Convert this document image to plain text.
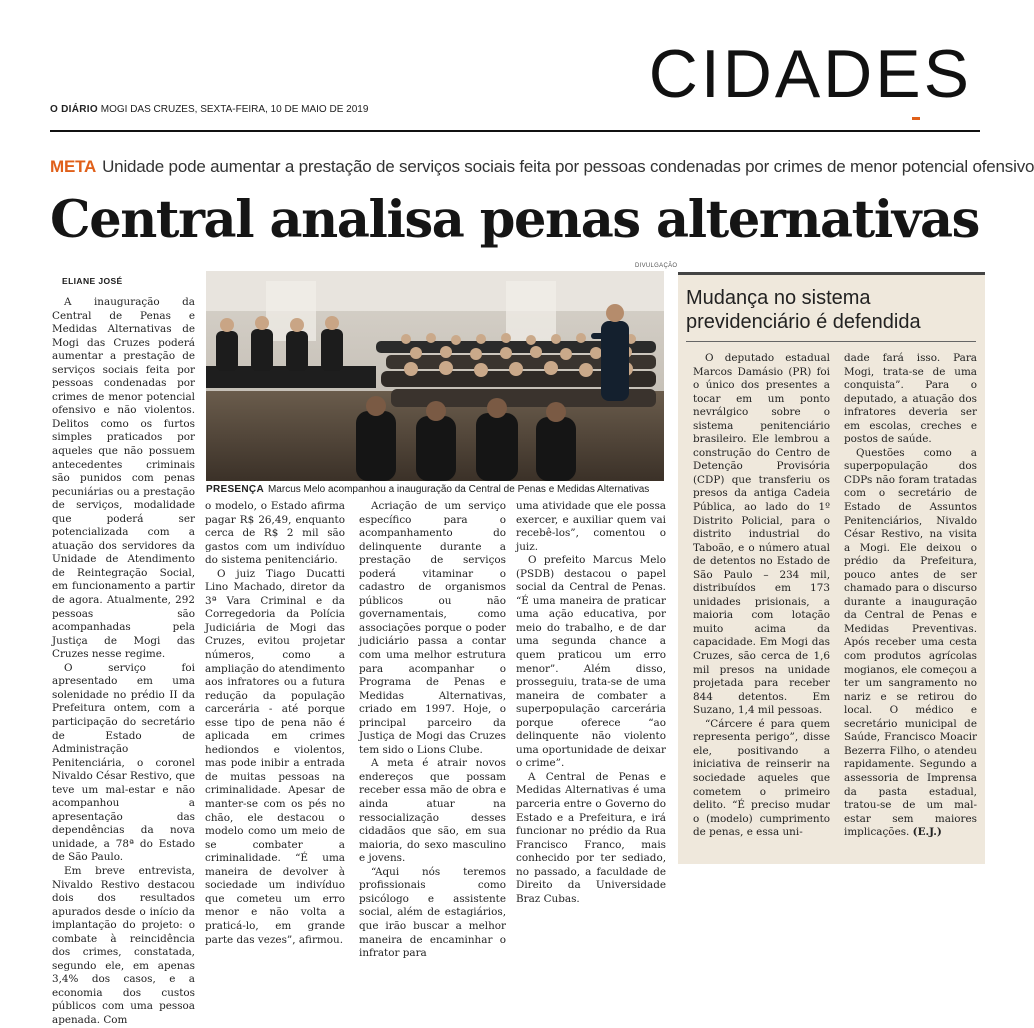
O DIÁRIO MOGI DAS CRUZES, SEXTA-FEIRA, 10 DE MAIO DE 2019	CIDADES
META Unidade pode aumentar a prestação de serviços sociais feita por pessoas condenadas por crimes de menor potencial ofensivo
Central analisa penas alternativas
ELIANE JOSÉ
DIVULGAÇÃO

A inauguração da Central de Penas e Medidas Alternativas de Mogi das Cruzes poderá aumentar a prestação de serviços sociais feita por pessoas condenadas por crimes de menor potencial ofensivo e não violentos. Delitos como os furtos simples praticados por aqueles que não possuem antecedentes criminais são punidos com penas pecuniárias ou a prestação de serviços, modalidade que poderá ser potencializada com a atuação dos servidores da Unidade de Atendimento de Reintegração Social, em funcionamento a partir de agora. Atualmente, 292 pessoas são acompanhadas pela Justiça de Mogi das Cruzes nesse regime.

O serviço foi apresentado em uma solenidade no prédio II da Prefeitura ontem, com a participação do secretário de Estado de Administração Penitenciária, o coronel Nivaldo César Restivo, que teve um mal-estar e não acompanhou a apresentação das dependências da nova unidade, a 78ª do Estado de São Paulo.

Em breve entrevista, Nivaldo Restivo destacou dois dos resultados apurados desde o início da implantação do projeto: o combate à reincidência dos crimes, constatada, segundo ele, em apenas 3,4% dos casos, e a economia dos custos públicos com uma pessoa apenada. Com

PRESENÇA Marcus Melo acompanhou a inauguração da Central de Penas e Medidas Alternativas

o modelo, o Estado afirma pagar R$ 26,49, enquanto cerca de R$ 2 mil são gastos com um indivíduo do sistema penitenciário.

O juiz Tiago Ducatti Lino Machado, diretor da 3ª Vara Criminal e da Corregedoria da Polícia Judiciária de Mogi das Cruzes, evitou projetar números, como a ampliação do atendimento aos infratores ou a futura redução da população carcerária - até porque esse tipo de pena não é aplicada em crimes hediondos e violentos, mas pode inibir a entrada de muitas pessoas na criminalidade. Apesar de manter-se com os pés no chão, ele destacou o modelo como um meio de se combater a criminalidade. “É uma maneira de devolver à sociedade um indivíduo que cometeu um erro menor e não volta a praticá-lo, em grande parte das vezes”, afirmou.

Acriação de um serviço específico para o acompanhamento do delinquente durante a prestação de serviços poderá vitaminar o cadastro de organismos públicos ou não governamentais, como associações porque o poder judiciário passa a contar com uma melhor estrutura para acompanhar o Programa de Penas e Medidas Alternativas, criado em 1997. Hoje, o principal parceiro da Justiça de Mogi das Cruzes tem sido o Lions Clube.

A meta é atrair novos endereços que possam receber essa mão de obra e ainda atuar na ressocialização desses cidadãos que são, em sua maioria, do sexo masculino e jovens.

“Aqui nós teremos profissionais como psicólogo e assistente social, além de estagiários, que irão buscar a melhor maneira de encaminhar o infrator para

uma atividade que ele possa exercer, e auxiliar quem vai recebê-los”, comentou o juiz.

O prefeito Marcus Melo (PSDB) destacou o papel social da Central de Penas. “É uma maneira de praticar uma ação educativa, por meio do trabalho, e de dar uma segunda chance a quem praticou um erro menor”. Além disso, prosseguiu, trata-se de uma maneira de combater a superpopulação carcerária porque oferece “ao delinquente não violento uma oportunidade de deixar o crime”.

A Central de Penas e Medidas Alternativas é uma parceria entre o Governo do Estado e a Prefeitura, e irá funcionar no prédio da Rua Francisco Franco, mais conhecido por ter sediado, no passado, a faculdade de Direito da Universidade Braz Cubas.

Mudança no sistema previdenciário é defendida

O deputado estadual Marcos Damásio (PR) foi o único dos presentes a tocar em um ponto nevrálgico sobre o sistema penitenciário brasileiro. Ele lembrou a construção do Centro de Detenção Provisória (CDP) que transferiu os presos da antiga Cadeia Pública, ao lado do 1º Distrito Policial, para o distrito industrial do Taboão, e o número atual de detentos no Estado de São Paulo – 234 mil, distribuídos em 173 unidades prisionais, a maioria com lotação muito acima da capacidade. Em Mogi das Cruzes, são cerca de 1,6 mil presos na unidade projetada para receber 844 detentos. Em Suzano, 1,4 mil pessoas.

“Cárcere é para quem representa perigo”, disse ele, positivando a iniciativa de reinserir na sociedade aqueles que cometem o primeiro delito. “É preciso mudar o (modelo) cumprimento de penas, e essa uni-

dade fará isso. Para Mogi, trata-se de uma conquista”. Para o deputado, a atuação dos infratores deveria ser em escolas, creches e postos de saúde.

Questões como a superpopulação dos CDPs não foram tratadas com o secretário de Estado de Assuntos Penitenciários, Nivaldo César Restivo, na visita a Mogi. Ele deixou o prédio da Prefeitura, pouco antes de ser chamado para o discurso durante a inauguração da Central de Penas e Medidas Preventivas. Após receber uma cesta com produtos agrícolas mogianos, ele começou a ter um sangramento no nariz e se retirou do local. O médico e secretário municipal de Saúde, Francisco Moacir Bezerra Filho, o atendeu rapidamente. Segundo a assessoria de Imprensa da pasta estadual, tratou-se de um mal-estar sem maiores implicações. (E.J.)
